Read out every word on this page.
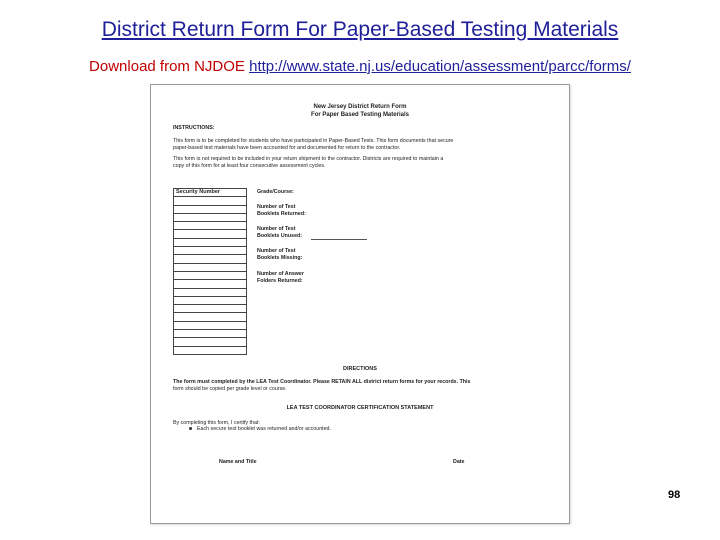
District Return Form For Paper-Based Testing Materials
Download from NJDOE http://www.state.nj.us/education/assessment/parcc/forms/
New Jersey District Return Form
For Paper Based Testing Materials
INSTRUCTIONS:
This form is to be completed for students who have participated in Paper-Based Tests. This form documents that secure
paper-based test materials have been accounted for and documented for return to the contractor.
This form is not required to be included in your return shipment to the contractor. Districts are required to maintain a
copy of this form for at least four consecutive assessment cycles.
Security Number	Grade/Course:
Number of Test
Booklets Returned:
Number of Test
Booklets Unused:
Number of Test
Booklets Missing:
Number of Answer
Folders Returned:
DIRECTIONS
The form must completed by the LEA Test Coordinator. Please RETAIN ALL district return forms for your records. This
form should be copied per grade level or course.
LEA TEST COORDINATOR CERTIFICATION STATEMENT
By completing this form, I certify that:
Each secure test booklet was returned and/or accounted.
Name and Title	Date
98
